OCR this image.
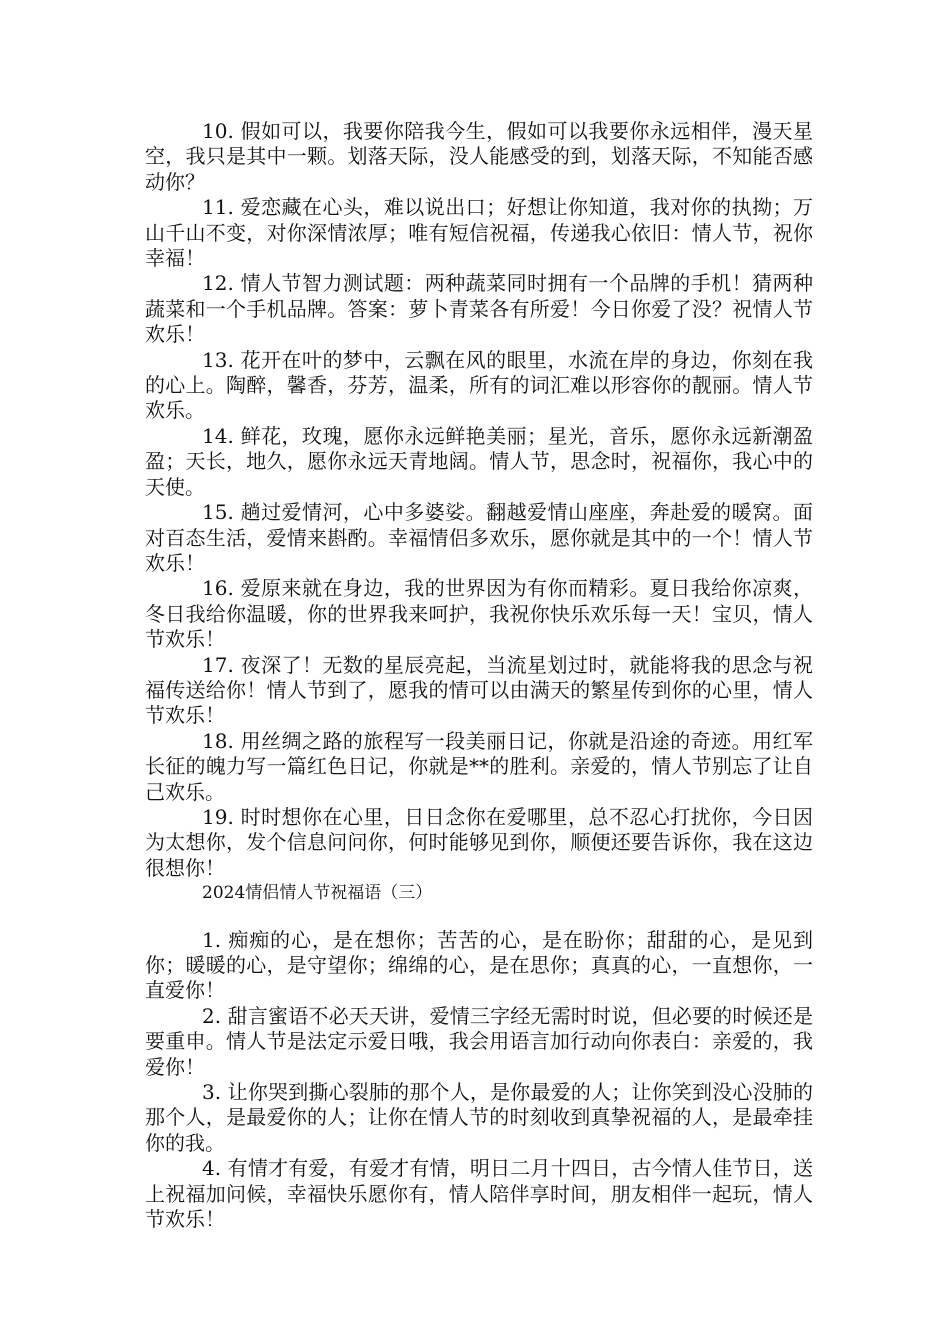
10. 假如可以，我要你陪我今生，假如可以我要你永远相伴，漫天星空，我只是其中一颗。划落天际，没人能感受的到，划落天际，不知能否感动你？

11. 爱恋藏在心头，难以说出口；好想让你知道，我对你的执拗；万山千山不变，对你深情浓厚；唯有短信祝福，传递我心依旧：情人节，祝你幸福！

12. 情人节智力测试题：两种蔬菜同时拥有一个品牌的手机！猜两种蔬菜和一个手机品牌。答案：萝卜青菜各有所爱！今日你爱了没？祝情人节欢乐！

13. 花开在叶的梦中，云飘在风的眼里，水流在岸的身边，你刻在我的心上。陶醉，馨香，芬芳，温柔，所有的词汇难以形容你的靓丽。情人节欢乐。

14. 鲜花，玫瑰，愿你永远鲜艳美丽；星光，音乐，愿你永远新潮盈盈；天长，地久，愿你永远天青地阔。情人节，思念时，祝福你，我心中的天使。

15. 趟过爱情河，心中多婆娑。翻越爱情山座座，奔赴爱的暖窝。面对百态生活，爱情来斟酌。幸福情侣多欢乐，愿你就是其中的一个！情人节欢乐！

16. 爱原来就在身边，我的世界因为有你而精彩。夏日我给你凉爽，冬日我给你温暖，你的世界我来呵护，我祝你快乐欢乐每一天！宝贝，情人节欢乐！

17. 夜深了！无数的星辰亮起，当流星划过时，就能将我的思念与祝福传送给你！情人节到了，愿我的情可以由满天的繁星传到你的心里，情人节欢乐！

18. 用丝绸之路的旅程写一段美丽日记，你就是沿途的奇迹。用红军长征的魄力写一篇红色日记，你就是**的胜利。亲爱的，情人节别忘了让自己欢乐。

19. 时时想你在心里，日日念你在爱哪里，总不忍心打扰你，今日因为太想你，发个信息问问你，何时能够见到你，顺便还要告诉你，我在这边很想你！

2024情侣情人节祝福语（三）

1. 痴痴的心，是在想你；苦苦的心，是在盼你；甜甜的心，是见到你；暖暖的心，是守望你；绵绵的心，是在思你；真真的心，一直想你，一直爱你！

2. 甜言蜜语不必天天讲，爱情三字经无需时时说，但必要的时候还是要重申。情人节是法定示爱日哦，我会用语言加行动向你表白：亲爱的，我爱你！

3. 让你哭到撕心裂肺的那个人，是你最爱的人；让你笑到没心没肺的那个人，是最爱你的人；让你在情人节的时刻收到真挚祝福的人，是最牵挂你的我。

4. 有情才有爱，有爱才有情，明日二月十四日，古今情人佳节日，送上祝福加问候，幸福快乐愿你有，情人陪伴享时间，朋友相伴一起玩，情人节欢乐！
